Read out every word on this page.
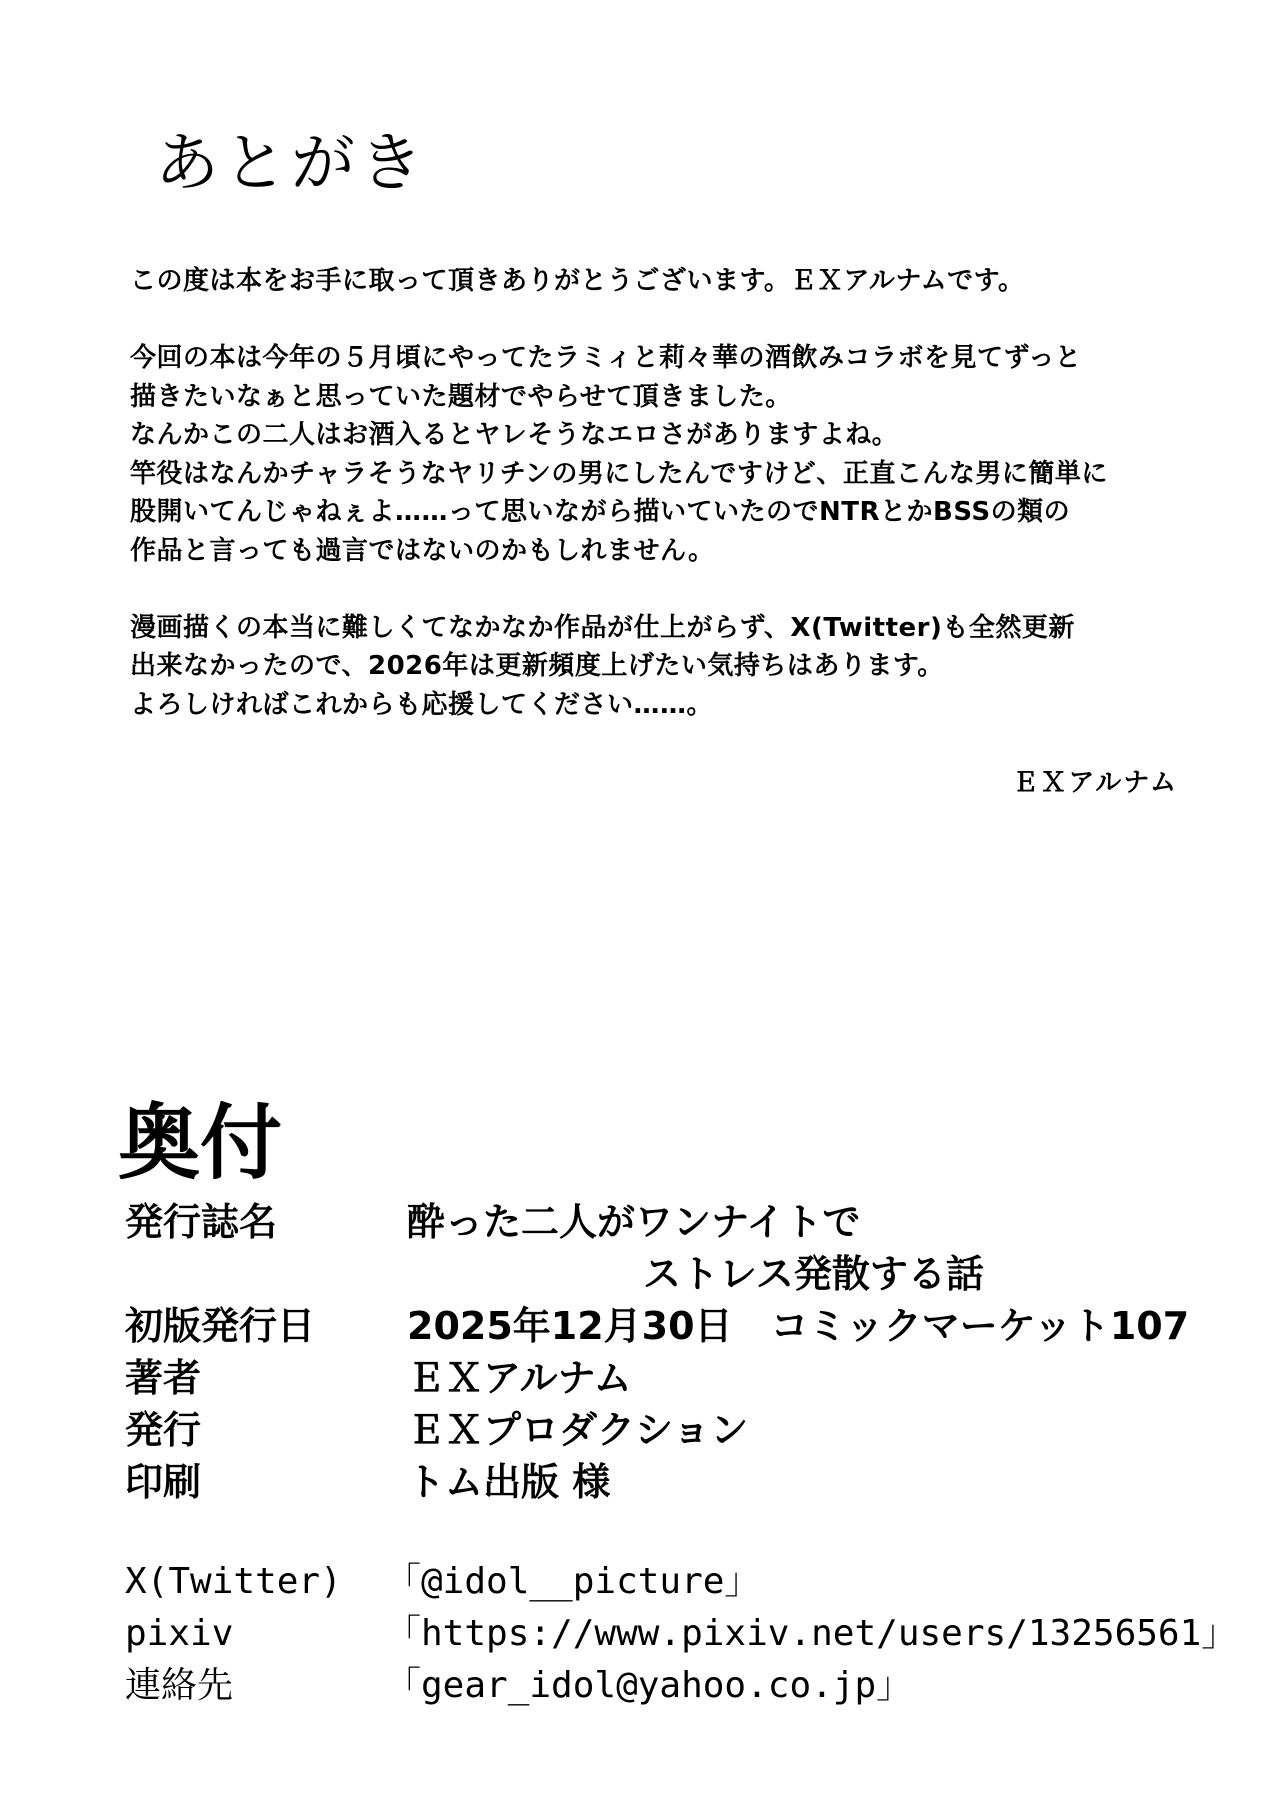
あとがき

この度は本をお手に取って頂きありがとうございます。ＥＸアルナムです。

今回の本は今年の５月頃にやってたラミィと莉々華の酒飲みコラボを見てずっと
描きたいなぁと思っていた題材でやらせて頂きました。
なんかこの二人はお酒入るとヤレそうなエロさがありますよね。
竿役はなんかチャラそうなヤリチンの男にしたんですけど、正直こんな男に簡単に
股開いてんじゃねぇよ……って思いながら描いていたのでNTRとかBSSの類の
作品と言っても過言ではないのかもしれません。

漫画描くの本当に難しくてなかなか作品が仕上がらず、X(Twitter)も全然更新
出来なかったので、2026年は更新頻度上げたい気持ちはあります。
よろしければこれからも応援してください……。

ＥＸアルナム
奥付
発行誌名	酔った二人がワンナイトで
ストレス発散する話
初版発行日 2025年12月30日　コミックマーケット107
著者	ＥＸアルナム
発行	ＥＸプロダクション
印刷	トム出版 様
X(Twitter) 「@idol__picture」
pixiv	「https://www.pixiv.net/users/13256561」
連絡先	「gear_idol@yahoo.co.jp」
